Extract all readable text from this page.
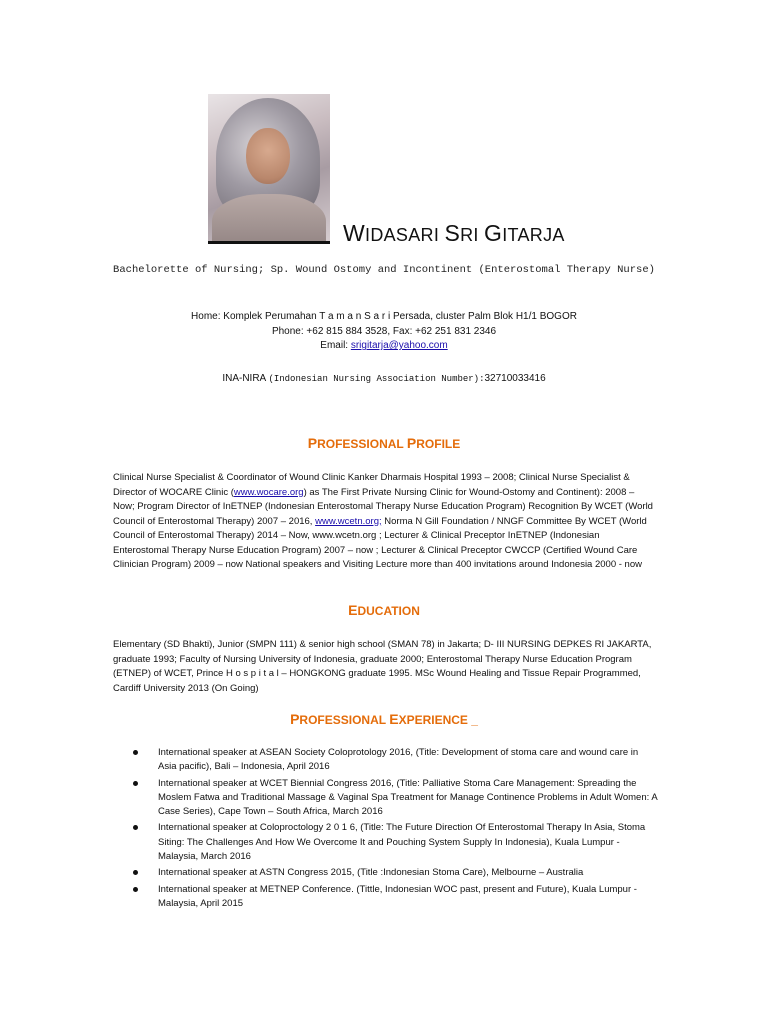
WIDASARI SRI GITARJA
Bachelorette of Nursing; Sp. Wound Ostomy and Incontinent (Enterostomal Therapy Nurse)
Home: Komplek Perumahan T a m a n S a r i Persada, cluster Palm Blok H1/1 BOGOR
Phone: +62 815 884 3528, Fax: +62 251 831 2346
Email: srigitarja@yahoo.com
INA-NIRA (Indonesian Nursing Association Number):32710033416
PROFESSIONAL PROFILE
Clinical Nurse Specialist & Coordinator of Wound Clinic Kanker Dharmais Hospital 1993 – 2008; Clinical Nurse Specialist & Director of WOCARE Clinic (www.wocare.org) as The First Private Nursing Clinic for Wound-Ostomy and Continent): 2008 – Now; Program Director of InETNEP (Indonesian Enterostomal Therapy Nurse Education Program) Recognition By WCET (World Council of Enterostomal Therapy) 2007 – 2016, www.wcetn.org; Norma N Gill Foundation / NNGF Committee By WCET (World Council of Enterostomal Therapy) 2014 – Now, www.wcetn.org ; Lecturer & Clinical Preceptor InETNEP (Indonesian Enterostomal Therapy Nurse Education Program) 2007 – now ; Lecturer & Clinical Preceptor CWCCP (Certified Wound Care Clinician Program) 2009 – now National speakers and Visiting Lecture more than 400 invitations around Indonesia 2000 - now
EDUCATION
Elementary (SD Bhakti), Junior (SMPN 111) & senior high school (SMAN 78) in Jakarta; D- III NURSING DEPKES RI JAKARTA, graduate 1993; Faculty of Nursing University of Indonesia, graduate 2000; Enterostomal Therapy Nurse Education Program (ETNEP) of WCET, Prince H o s p i t a l – HONGKONG graduate 1995. MSc Wound Healing and Tissue Repair Programmed, Cardiff University 2013 (On Going)
PROFESSIONAL EXPERIENCE _
International speaker at ASEAN Society Coloprotology 2016, (Title: Development of stoma care and wound care in Asia pacific), Bali – Indonesia, April 2016
International speaker at WCET Biennial Congress 2016, (Title: Palliative Stoma Care Management: Spreading the Moslem Fatwa and Traditional Massage & Vaginal Spa Treatment for Manage Continence Problems in Adult Women: A Case Series), Cape Town – South Africa, March 2016
International speaker at Coloproctology 2 0 1 6, (Title: The Future Direction Of Enterostomal Therapy In Asia, Stoma Siting: The Challenges And How We Overcome It and Pouching System Supply In Indonesia), Kuala Lumpur - Malaysia, March 2016
International speaker at ASTN Congress 2015, (Title :Indonesian Stoma Care), Melbourne – Australia
International speaker at METNEP Conference. (Tittle, Indonesian WOC past, present and Future), Kuala Lumpur - Malaysia, April 2015
